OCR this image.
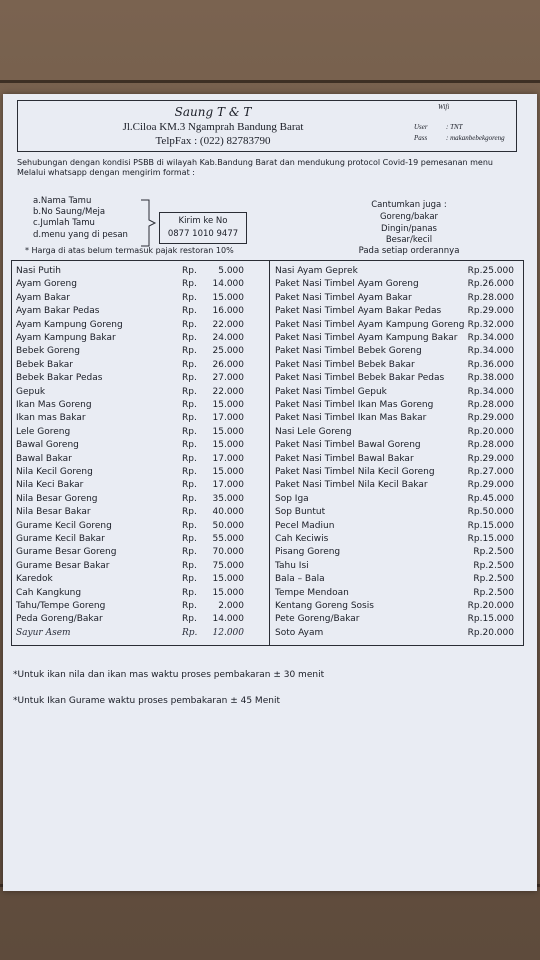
Saung T & T
Jl.Ciloa KM.3 Ngamprah Bandung Barat
TelpFax : (022) 82783790
Wifi
User	: TNT
Pass	: makanbebekgoreng
Sehubungan dengan kondisi PSBB di wilayah Kab.Bandung Barat dan mendukung protocol Covid-19 pemesanan menu
Melalui whatsapp dengan mengirim format :
a.Nama Tamu
b.No Saung/Meja
c.Jumlah Tamu
d.menu yang di pesan
Kirim ke No
0877 1010 9477
* Harga di atas belum termasuk pajak restoran 10%
Cantumkan juga :
Goreng/bakar
Dingin/panas
Besar/kecil
Pada setiap orderannya
Nasi Putih	Rp.	5.000
Ayam Goreng	Rp.	14.000
Ayam Bakar	Rp.	15.000
Ayam Bakar Pedas	Rp.	16.000
Ayam Kampung Goreng	Rp.	22.000
Ayam Kampung Bakar	Rp.	24.000
Bebek Goreng	Rp.	25.000
Bebek Bakar	Rp.	26.000
Bebek Bakar Pedas	Rp.	27.000
Gepuk	Rp.	22.000
Ikan Mas Goreng	Rp.	15.000
Ikan mas Bakar	Rp.	17.000
Lele Goreng	Rp.	15.000
Bawal Goreng	Rp.	15.000
Bawal Bakar	Rp.	17.000
Nila Kecil Goreng	Rp.	15.000
Nila Keci Bakar	Rp.	17.000
Nila Besar Goreng	Rp.	35.000
Nila Besar Bakar	Rp.	40.000
Gurame Kecil Goreng	Rp.	50.000
Gurame Kecil Bakar	Rp.	55.000
Gurame Besar Goreng	Rp.	70.000
Gurame Besar Bakar	Rp.	75.000
Karedok	Rp.	15.000
Cah Kangkung	Rp.	15.000
Tahu/Tempe Goreng	Rp.	2.000
Peda Goreng/Bakar	Rp.	14.000
Sayur Asem	Rp.	12.000
Nasi Ayam Geprek	Rp.25.000
Paket Nasi Timbel Ayam Goreng	Rp.26.000
Paket Nasi Timbel Ayam Bakar	Rp.28.000
Paket Nasi Timbel Ayam Bakar Pedas	Rp.29.000
Paket Nasi Timbel Ayam Kampung Goreng Rp.32.000
Paket Nasi Timbel Ayam Kampung Bakar	Rp.34.000
Paket Nasi Timbel Bebek Goreng	Rp.34.000
Paket Nasi Timbel Bebek Bakar	Rp.36.000
Paket Nasi Timbel Bebek Bakar Pedas	Rp.38.000
Paket Nasi Timbel Gepuk	Rp.34.000
Paket Nasi Timbel Ikan Mas Goreng	Rp.28.000
Paket Nasi Timbel Ikan Mas Bakar	Rp.29.000
Nasi Lele Goreng	Rp.20.000
Paket Nasi Timbel Bawal Goreng	Rp.28.000
Paket Nasi Timbel Bawal Bakar	Rp.29.000
Paket Nasi Timbel Nila Kecil Goreng	Rp.27.000
Paket Nasi Timbel Nila Kecil Bakar	Rp.29.000
Sop Iga	Rp.45.000
Sop Buntut	Rp.50.000
Pecel Madiun	Rp.15.000
Cah Keciwis	Rp.15.000
Pisang Goreng	Rp.2.500
Tahu Isi	Rp.2.500
Bala – Bala	Rp.2.500
Tempe Mendoan	Rp.2.500
Kentang Goreng Sosis	Rp.20.000
Pete Goreng/Bakar	Rp.15.000
Soto Ayam	Rp.20.000
*Untuk ikan nila dan ikan mas waktu proses pembakaran ± 30 menit
*Untuk Ikan Gurame waktu proses pembakaran ± 45 Menit
